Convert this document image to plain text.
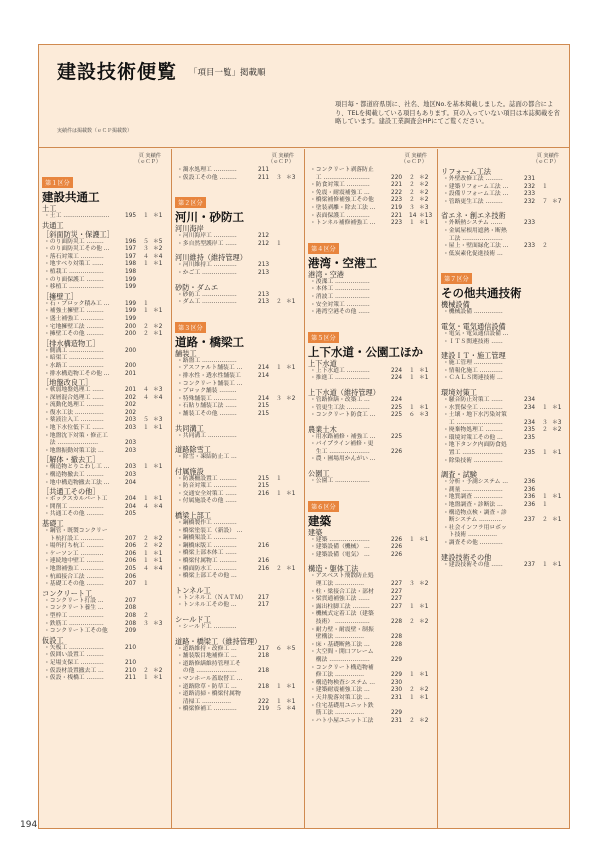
建設技術便覧 「項目一覧」掲載順
項目毎・都道府県別に、社名、地区No.を基本掲載しました。誌面の都合により、TELを掲載している項目もあります。頁の入っていない項目は本誌掲載を省略しています。建設工業調査会HPにてご覧ください。
実績件は掲載数（ｅＣＰ掲載数）
頁 実績件
（ｅＣＰ）
第１区分
建設共通工
土工
・土工 ……………………	195 １ ＊1
共通工
［斜面防災・保護工］
・のり面防災工 ………	196 ５ ＊5
・のり面防災工その他 …	197 ３ ＊2
・落石対策工 …………	197 ４ ＊4
・地すべり対策工 ……	198 １ ＊1
・植栽工 ………………	198
・のり面保護工 ………	199
・移植工 ………………	199
［擁壁工］
・石・ブロック積み工 …	199 １
・補強土擁壁工 ………	199 １ ＊1
・盛土補強工 …………	199
・宅地擁壁工法 ………	200 ２ ＊2
・擁壁工その他 ………	200 ２ ＊1
［排水構造物工］
・側溝工 ………………	200
・暗渠工 ………………
・水路工 ………………	200
・排水構造物工その他 …	201
［地盤改良工］
・軟弱地盤処理工 ……	201 ４ ＊3
・深層混合処理工 ……	202 ４ ＊4
・流動化処理工 ………	202
・復水工法 ……………	202
・薬液注入工 …………	203 ５ ＊3
・地下水位低下工 ……	203 １ ＊1
・地盤沈下対策・修正工
　法 …………………	203
・地盤振動対策工法 …	203
［解体・撤去工］
・構造物とりこわし工 …	203 １ ＊1
・構造物撤去工 ………	203
・地中構造物撤去工法 …	204
［共通工その他］
・ボックスカルバート工	204 １ ＊1
・開削工 ………………	204 ４ ＊4
・共通工その他 ………	205
基礎工
・鋼管・既製コンクリー
　ト杭打設工 …………	207 ２ ＊2
・場所打ち杭工 ………	206 ２ ＊2
・ケーソン工 …………	206 １ ＊1
・連続地中壁工 ………	206 １ ＊1
・地盤補強工 …………	205 ４ ＊4
・杭頭接合工法 ………	206
・基礎工その他 ………	207 １
コンクリート工
・コンクリート打設 …	207
・コンクリート養生 …	208
・型枠工 ………………	208 ２
・鉄筋工 ………………	208 ３ ＊3
・コンクリート工その他	209
仮設工
・矢板工 ………………	210
・仮囲い設置工 ………
・足場支保工 …………	210
・仮設材設置撤去工 …	210 ２ ＊2
・仮設・桟橋工 ………	211 １ ＊1
頁 実績件
（ｅＣＰ）
・濁水処理工 …………	211
・仮設工その他 ………	211 ３ ＊3
第２区分
河川・砂防工
河川海岸
・河川海岸工 …………	212
・多自然型護岸工 ……	212 １
河川維持（維持管理）
・河川維持工 …………	213
・かご工 ………………	213
砂防・ダムエ
・砂防工 ………………	213
・ダム工 ………………	213 ２ ＊1
第３区分
道路・橋梁工
舗装工
・路盤工 ………………
・アスファルト舗装工 …	214 １ ＊1
・排水性・透水性舗装工	214
・コンクリート舗装工 …
・ブロック舗装 ………
・特殊舗装工 …………	214 ３ ＊2
・石貼り舗装工法 ……	215
・舗装工その他 ………	215
共同溝工
・共同溝工 ……………
道路除雪工
・除雪・凍結防止工 …
付属施設
・防護柵設置工 ………	215 １
・防音対策工 …………	215
・交通安全対策工 ……	216 １ ＊1
・付属施設その他 ……
橋梁上部工
・鋼橋製作工 …………
・橋梁塗装工（新設） …
・鋼橋架設工 …………
・鋼橋床版工 …………	216
・橋梁上部本体工 ……
・橋梁付属物工 ………	216
・橋面防水工 …………	216 ２ ＊1
・橋梁上部工その他 …
トンネル工
・トンネル工（ＮＡＴＭ） 217
・トンネル工その他 …	217
シールド工
・シールド工 …………
道路・橋梁工（維持管理）
・道路維持・改修工 …	217 ６ ＊5
・舗装版目地補修工 …	218
・道路修繕維持管理工そ
　の他 …………………	218
・マンホール蓋取替工 …
・道路除草・防草工 …	218 １ ＊1
・道路清掃・橋梁付属物
　清掃工 ……………	222 １ ＊1
・橋梁修補工 …………	219 ５ ＊4
頁 実績件
（ｅＣＰ）
・コンクリート剥落防止
　工 ……………………	220 ２ ＊2
・防食対策工 …………	221 ２ ＊2
・免震・耐震補強工 …	222 ２ ＊2
・橋梁補修補強工その他	223 ２ ＊2
・塗装剥離・除去工法 …	219 ３ ＊3
・表面保護工 …………	221 14 ＊13
・トンネル補修補強工 …	223 １ ＊1
第４区分
港湾・空港工
港湾・空港
・浚渫工 ………………
・本体工 ………………
・消波工 ………………
・安全対策工 …………
・港湾空港その他 ……
第５区分
上下水道・公園工ほか
上下水道
・上下水道工 …………	224 １ ＊1
・推進工 ………………	224 １ ＊1
上下水道（維持管理）
・管路修繕・改築工 …	224
・管更生工法 …………	225 １ ＊1
・コンクリート防食工 …	225 ６ ＊3
農業土木
・用水路補修・補強工 …	225
・パイプライン補修・更
　生工 …………………	226
・農・圃場用かんがい …
公園工
・公園工 ………………
第６区分
建築
建築
・建築 …………………	226 １ ＊1
・建築設備（機械） …	226
・建築設備（電気） …	226
構造・躯体工法
・アスベスト飛散防止処
　理工法 ……………	227 ３ ＊2
・柱・梁接合工法・部材	227
・梁貫通補強工法 ……	227
・露出柱脚工法 ………	227 １ ＊1
・機械式定着工法（建築
　技術） ………………	228 ２ ＊2
・耐力壁・耐震壁・制振
　壁構法 ……………	228
・床・基礎断熱工法 …	228
・大空間・開口フレーム
　構法 …………………	229
・コンクリート構造物補
　修工法 ……………	229 １ ＊1
・構造物検査システム …	230
・建築耐震補強工法 …	230 ２ ＊2
・天井脱落対策工法 …	231 １ ＊1
・住宅基礎用ユニット鉄
　筋工法 ……………	229
・ハト小屋ユニット工法	231 ２ ＊2
頁 実績件
（ｅＣＰ）
リフォーム工法
・外壁改修工法 ………	231
・建築リフォーム工法 …	232 １
・設備リフォーム工法 …	233
・管路更生工法 ………	232 ７ ＊7
省エネ・創エネ技術
・外断熱システム ……	233
・金属屋根用遮熱・断熱
　工法 …………………
・屋上・壁面緑化工法 …	233 ２
・低炭素化促進技術 …
第７区分
その他共通技術
機械設備
・機械設備 ……………
電気・電気通信設備
・電気・電気通信設備 …
・ＩＴＳ関連技術 ……
建設ＩＴ・施工管理
・施工管理 ……………
・情報化施工 …………
・ＣＡＬＳ関連技術 …
環境対策工
・騒音防止対策工 ……	234
・水質保全工 …………	234 １ ＊1
・土壌・地下水汚染対策
　工 ……………………	234 ３ ＊3
・廃棄物処理工 ………	235 ２ ＊2
・環境対策工その他 …	235
・地下タンク内面防食処
　置工 …………………	235 １ ＊1
・除染技術 ……………
調査・試験
・分析・予測システム …	236
・測量 …………………	236
・地質調査 ……………	236 １ ＊1
・地盤調査・診断法 …	236 １
・構造物点検・調査・診
　断システム …………	237 ２ ＊1
・社会インフラ用ロボッ
　ト技術 ……………
・調査その他 …………
建設技術その他
・建設技術その他 ……	237 １ ＊1
194
